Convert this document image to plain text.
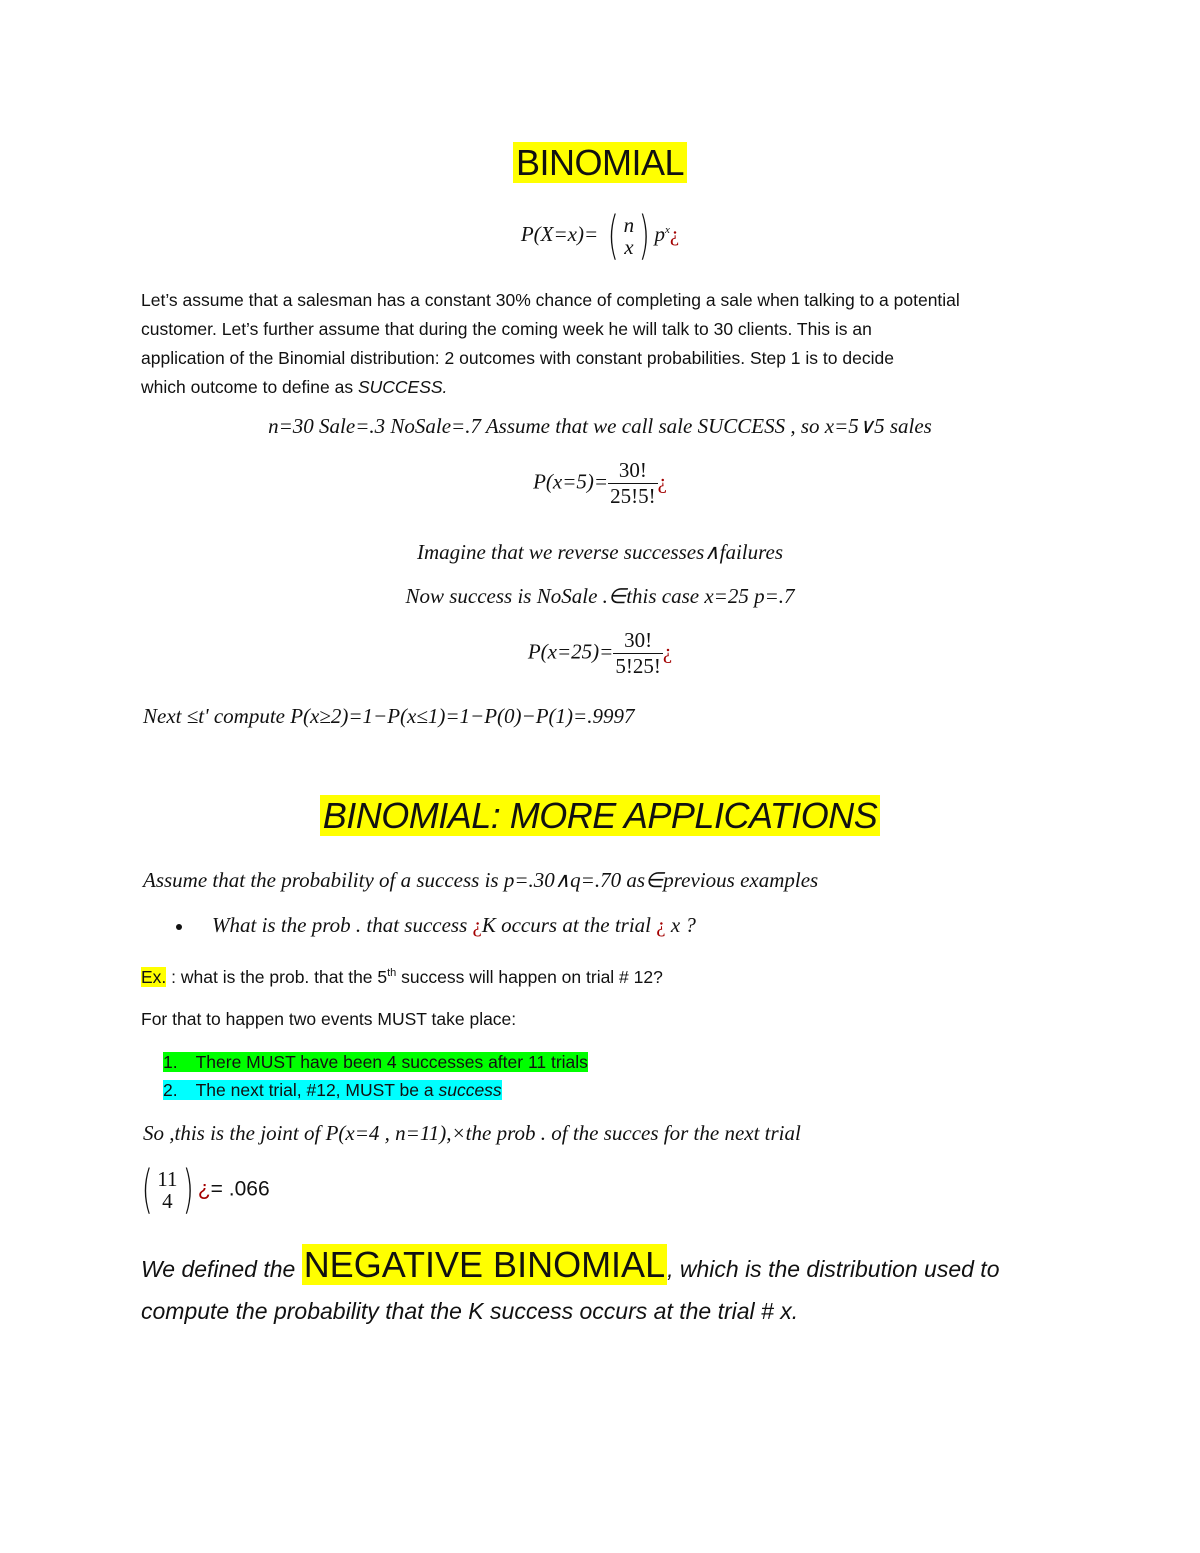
BINOMIAL
P(X=x)= ( n
x ) $p^x¿$
Let’s assume that a salesman has a constant 30% chance of completing a sale when talking to a potential
customer. Let’s further assume that during the coming week he will talk to 30 clients. This is an
application of the Binomial distribution: 2 outcomes with constant probabilities. Step 1 is to decide
which outcome to define as SUCCESS.
n=30 Sale=.3 NoSale=.7 Assume that we call sale SUCCESS , so x=5∨5 sales
$P(x=5)= \frac{30!}{25!5!}$ ¿
Imagine that we reverse successes∧failures
Now success is NoSale .∈this case x=25 p=.7
$P(x=25)= \frac{30!}{5!25!}$ ¿
Next ≤t' compute P(x≥2)=1−P(x≤1)=1−P(0)−P(1)=.9997
BINOMIAL: MORE APPLICATIONS
Assume that the probability of a success is p=.30∧q=.70 as∈previous examples
What is the prob . that success ¿K occurs at the trial ¿ x ?
Ex. : what is the prob. that the 5th success will happen on trial # 12?
For that to happen two events MUST take place:
1. There MUST have been 4 successes after 11 trials
2. The next trial, #12, MUST be a success
So ,this is the joint of P(x=4 , n=11),×the prob . of the succes for the next trial
( 11
4 ) ¿= .066
We defined the NEGATIVE BINOMIAL, which is the distribution used to
compute the probability that the K success occurs at the trial # x.
